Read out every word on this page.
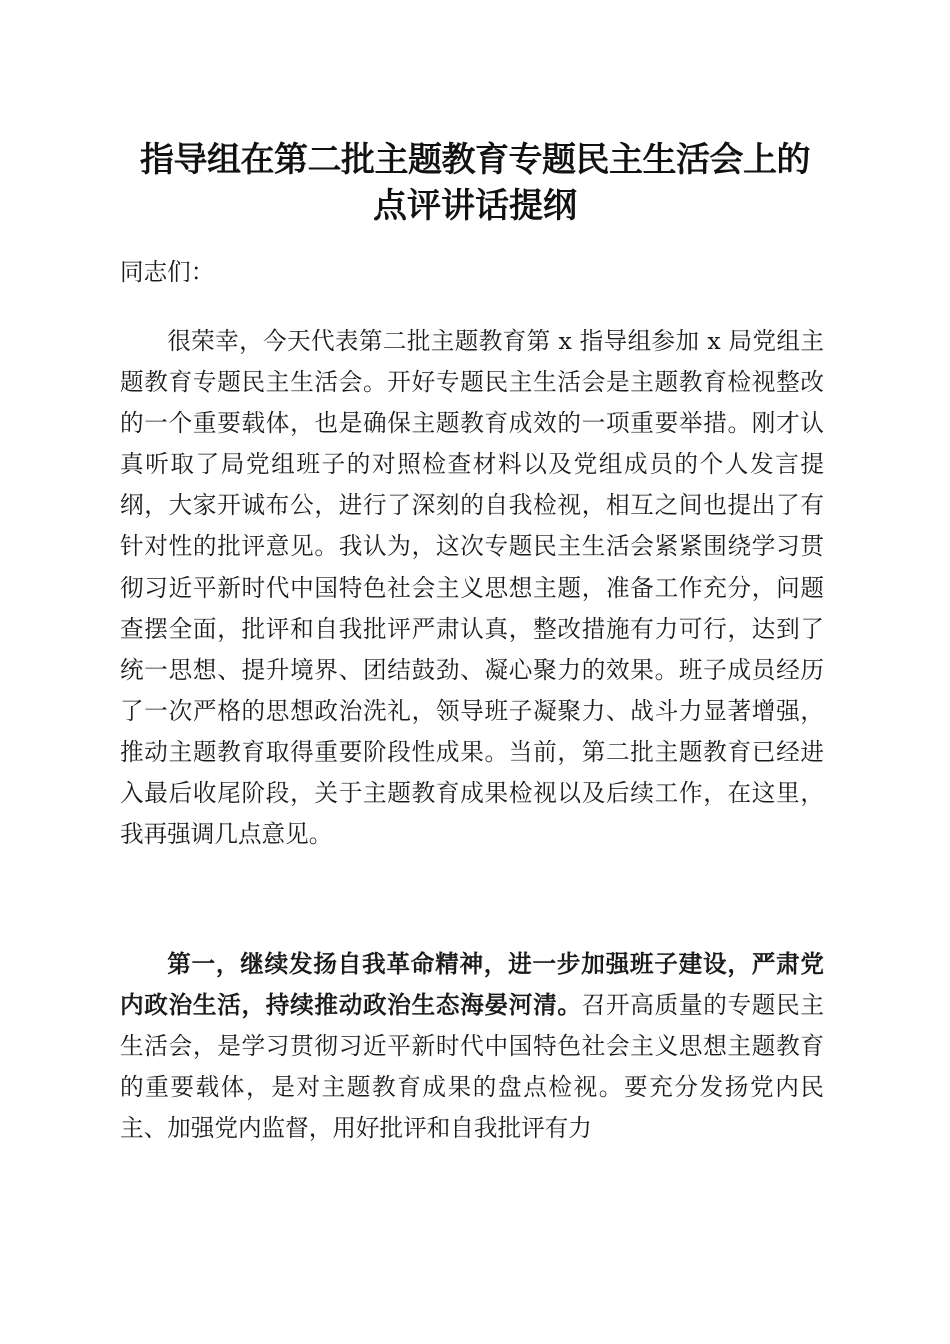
指导组在第二批主题教育专题民主生活会上的
点评讲话提纲
同志们：

很荣幸，今天代表第二批主题教育第 x 指导组参加 x 局党组主题教育专题民主生活会。开好专题民主生活会是主题教育检视整改的一个重要载体，也是确保主题教育成效的一项重要举措。刚才认真听取了局党组班子的对照检查材料以及党组成员的个人发言提纲，大家开诚布公，进行了深刻的自我检视，相互之间也提出了有针对性的批评意见。我认为，这次专题民主生活会紧紧围绕学习贯彻习近平新时代中国特色社会主义思想主题，准备工作充分，问题查摆全面，批评和自我批评严肃认真，整改措施有力可行，达到了统一思想、提升境界、团结鼓劲、凝心聚力的效果。班子成员经历了一次严格的思想政治洗礼，领导班子凝聚力、战斗力显著增强，推动主题教育取得重要阶段性成果。当前，第二批主题教育已经进入最后收尾阶段，关于主题教育成果检视以及后续工作，在这里，我再强调几点意见。

第一，继续发扬自我革命精神，进一步加强班子建设，严肃党内政治生活，持续推动政治生态海晏河清。召开高质量的专题民主生活会，是学习贯彻习近平新时代中国特色社会主义思想主题教育的重要载体，是对主题教育成果的盘点检视。要充分发扬党内民主、加强党内监督，用好批评和自我批评有力
